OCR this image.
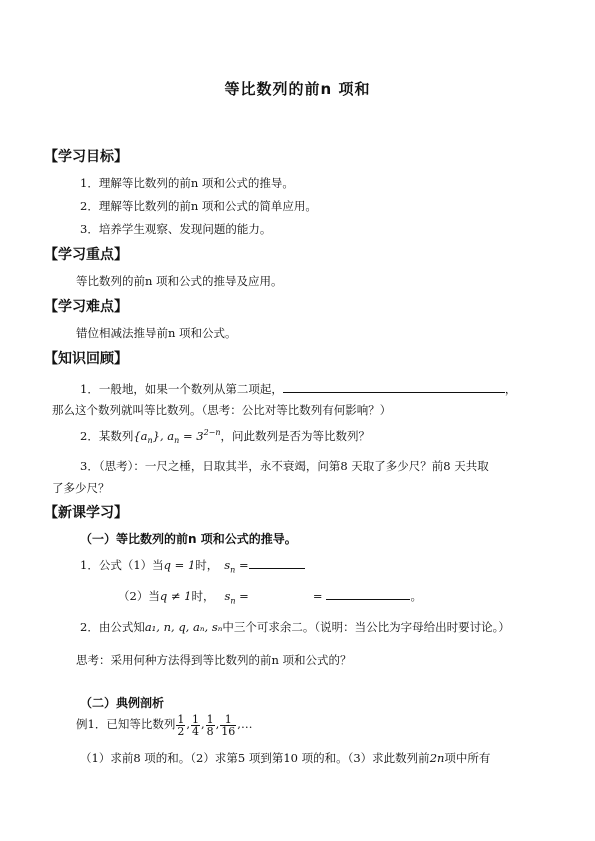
等比数列的前n 项和
【学习目标】
1．理解等比数列的前n 项和公式的推导。
2．理解等比数列的前n 项和公式的简单应用。
3．培养学生观察、发现问题的能力。
【学习重点】
等比数列的前n 项和公式的推导及应用。
【学习难点】
错位相减法推导前n 项和公式。
【知识回顾】
1．一般地，如果一个数列从第二项起，	，
那么这个数列就叫等比数列。（思考：公比对等比数列有何影响？）
2．某数列$\{a_n\}$, $a_n = 3^{2-n}$，问此数列是否为等比数列？
3．（思考）：一尺之棰，日取其半，永不衰竭，问第8 天取了多少尺？前8 天共取
了多少尺？
【新课学习】
（一）等比数列的前n 项和公式的推导。
1．公式（1）当q = 1时， $s_n$ =
（2）当q ≠ 1时， $s_n$ =	=	。
2．由公式知a₁, n, q, aₙ, sₙ中三个可求余二。（说明：当公比为字母给出时要讨论。）
思考：采用何种方法得到等比数列的前n 项和公式的？
（二）典例剖析
例1．已知等比数列 $\frac{1}{2}$ , $\frac{1}{4}$ , $\frac{1}{8}$ , $\frac{1}{16}$ ,…
（1）求前8 项的和。（2）求第5 项到第10 项的和。（3）求此数列前2n项中所有
